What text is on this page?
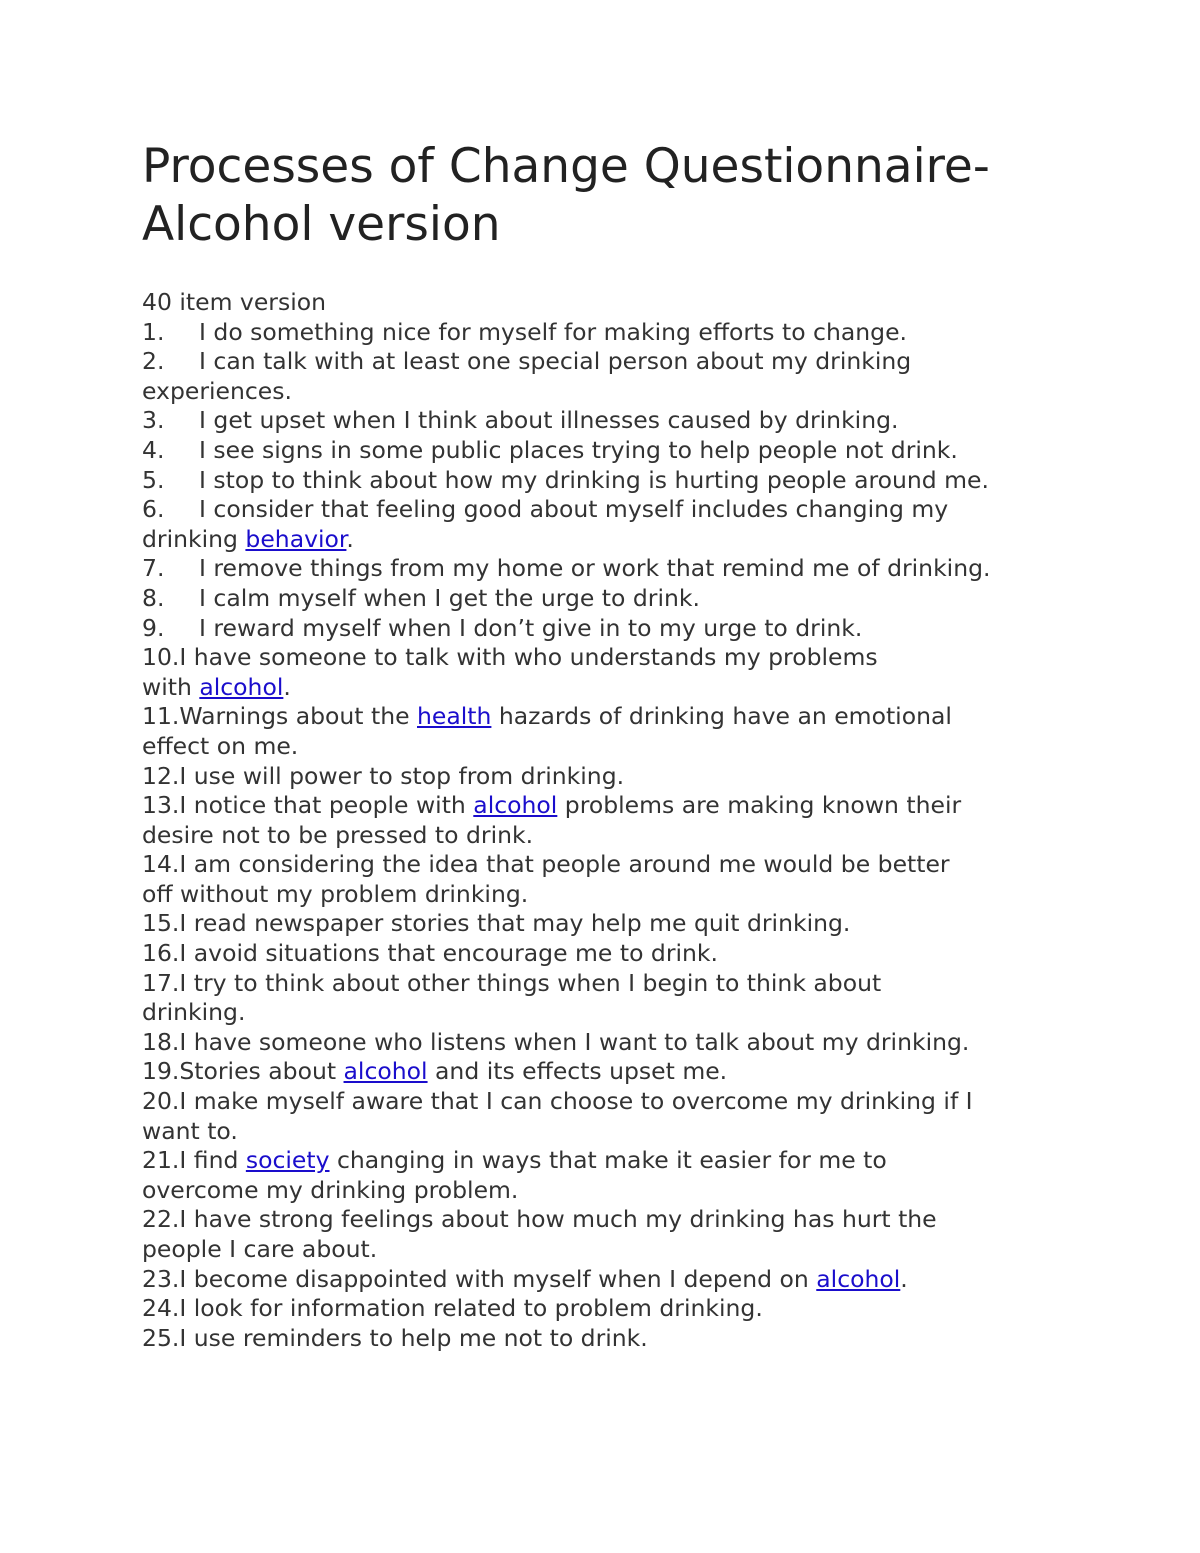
Processes of Change Questionnaire-
Alcohol version
40 item version
1. I do something nice for myself for making efforts to change.
2. I can talk with at least one special person about my drinking
experiences.
3. I get upset when I think about illnesses caused by drinking.
4. I see signs in some public places trying to help people not drink.
5. I stop to think about how my drinking is hurting people around me.
6. I consider that feeling good about myself includes changing my
drinking behavior.
7. I remove things from my home or work that remind me of drinking.
8. I calm myself when I get the urge to drink.
9. I reward myself when I don’t give in to my urge to drink.
10.I have someone to talk with who understands my problems
with alcohol.
11.Warnings about the health hazards of drinking have an emotional
effect on me.
12.I use will power to stop from drinking.
13.I notice that people with alcohol problems are making known their
desire not to be pressed to drink.
14.I am considering the idea that people around me would be better
off without my problem drinking.
15.I read newspaper stories that may help me quit drinking.
16.I avoid situations that encourage me to drink.
17.I try to think about other things when I begin to think about
drinking.
18.I have someone who listens when I want to talk about my drinking.
19.Stories about alcohol and its effects upset me.
20.I make myself aware that I can choose to overcome my drinking if I
want to.
21.I find society changing in ways that make it easier for me to
overcome my drinking problem.
22.I have strong feelings about how much my drinking has hurt the
people I care about.
23.I become disappointed with myself when I depend on alcohol.
24.I look for information related to problem drinking.
25.I use reminders to help me not to drink.
